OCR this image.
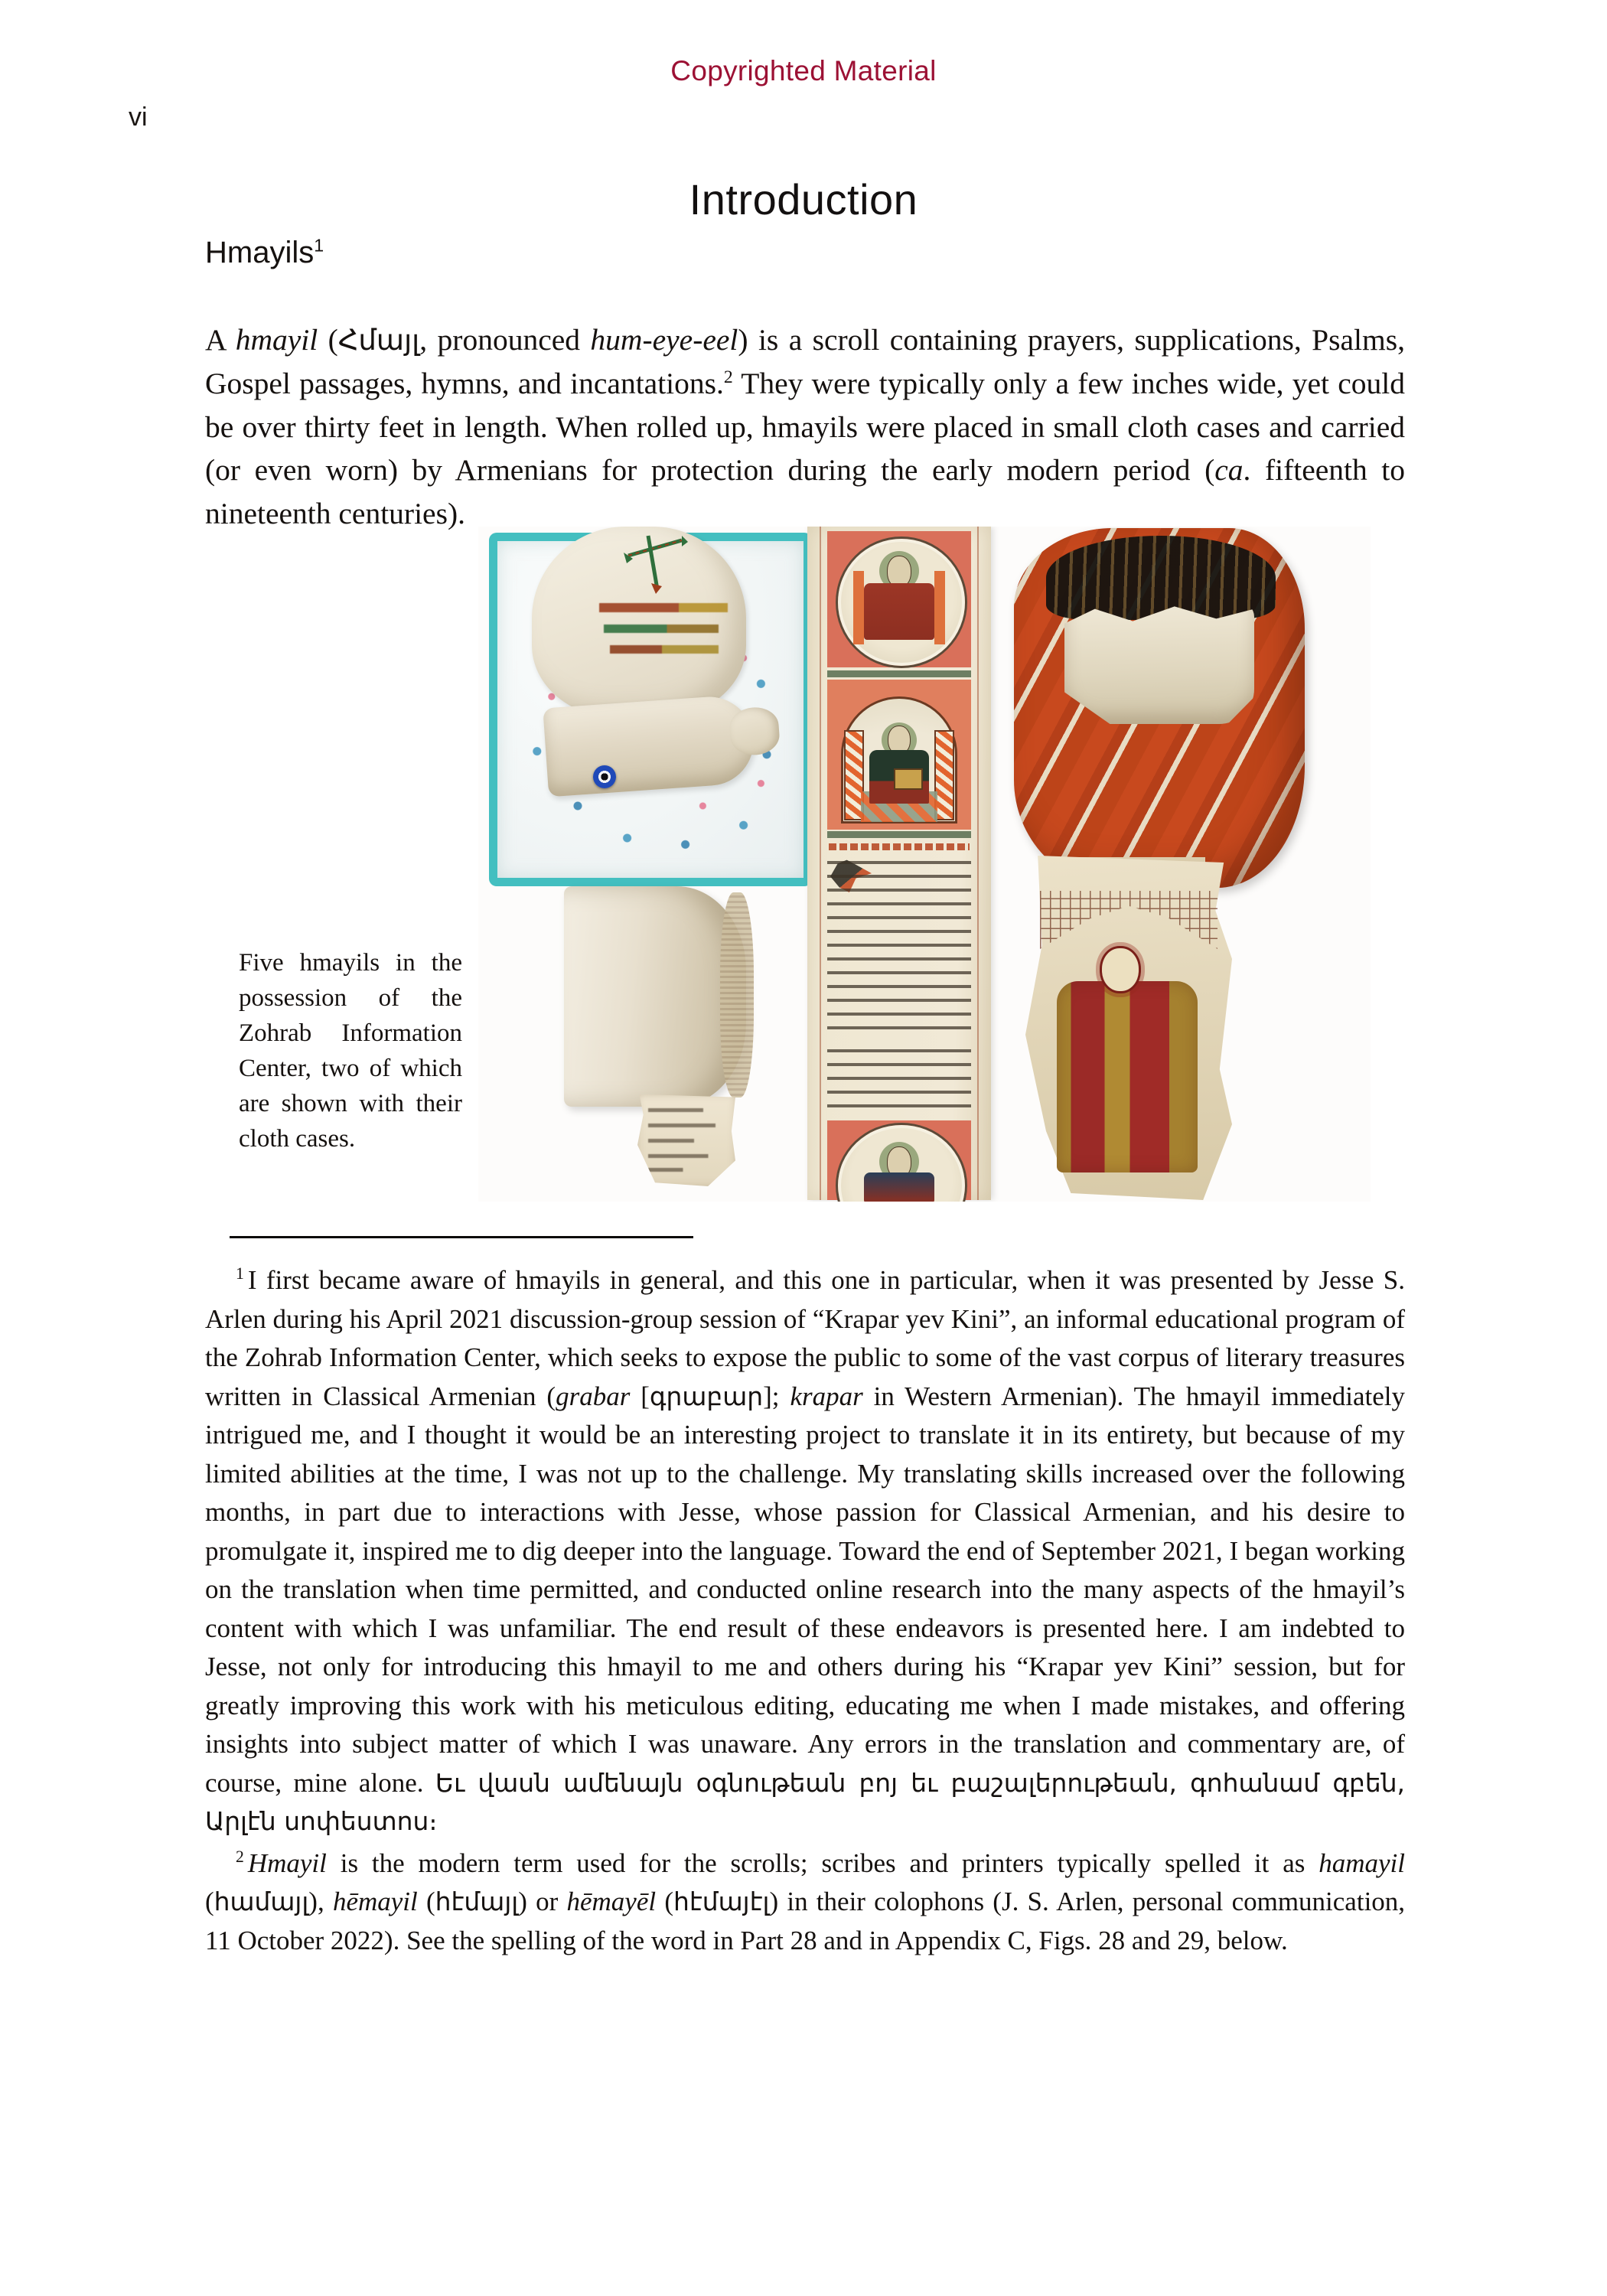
Copyrighted Material
vi
Introduction
Hmayils$^1$

A hmayil (Հմայլ, pronounced hum-eye-eel) is a scroll containing prayers, supplications, Psalms, Gospel passages, hymns, and incantations.$^2$ They were typically only a few inches wide, yet could be over thirty feet in length. When rolled up, hmayils were placed in small cloth cases and carried (or even worn) by Armenians for protection during the early modern period (ca. fifteenth to nineteenth centuries).

Five hmayils in the possession of the Zohrab Information Center, two of which are shown with their cloth cases.

$^1$ I first became aware of hmayils in general, and this one in particular, when it was presented by Jesse S. Arlen during his April 2021 discussion-group session of “Krapar yev Kini”, an informal educational program of the Zohrab Information Center, which seeks to expose the public to some of the vast corpus of literary treasures written in Classical Armenian (grabar [գրաբար]; krapar in Western Armenian). The hmayil immediately intrigued me, and I thought it would be an interesting project to translate it in its entirety, but because of my limited abilities at the time, I was not up to the challenge. My translating skills increased over the following months, in part due to interactions with Jesse, whose passion for Classical Armenian, and his desire to promulgate it, inspired me to dig deeper into the language. Toward the end of September 2021, I began working on the translation when time permitted, and conducted online research into the many aspects of the hmayil’s content with which I was unfamiliar. The end result of these endeavors is presented here. I am indebted to Jesse, not only for introducing this hmayil to me and others during his “Krapar yev Kini” session, but for greatly improving this work with his meticulous editing, educating me when I made mistakes, and offering insights into subject matter of which I was unaware. Any errors in the translation and commentary are, of course, mine alone. Եւ վասն ամենայն օգնութեան բոյ եւ բաշալերութեան, գոհանամ գբեն, Արլէն սոփեստոս։

$^2$ Hmayil is the modern term used for the scrolls; scribes and printers typically spelled it as hamayil (համայլ), hēmayil (հէմայլ) or hēmayēl (հէմայէլ) in their colophons (J. S. Arlen, personal communication, 11 October 2022). See the spelling of the word in Part 28 and in Appendix C, Figs. 28 and 29, below.
